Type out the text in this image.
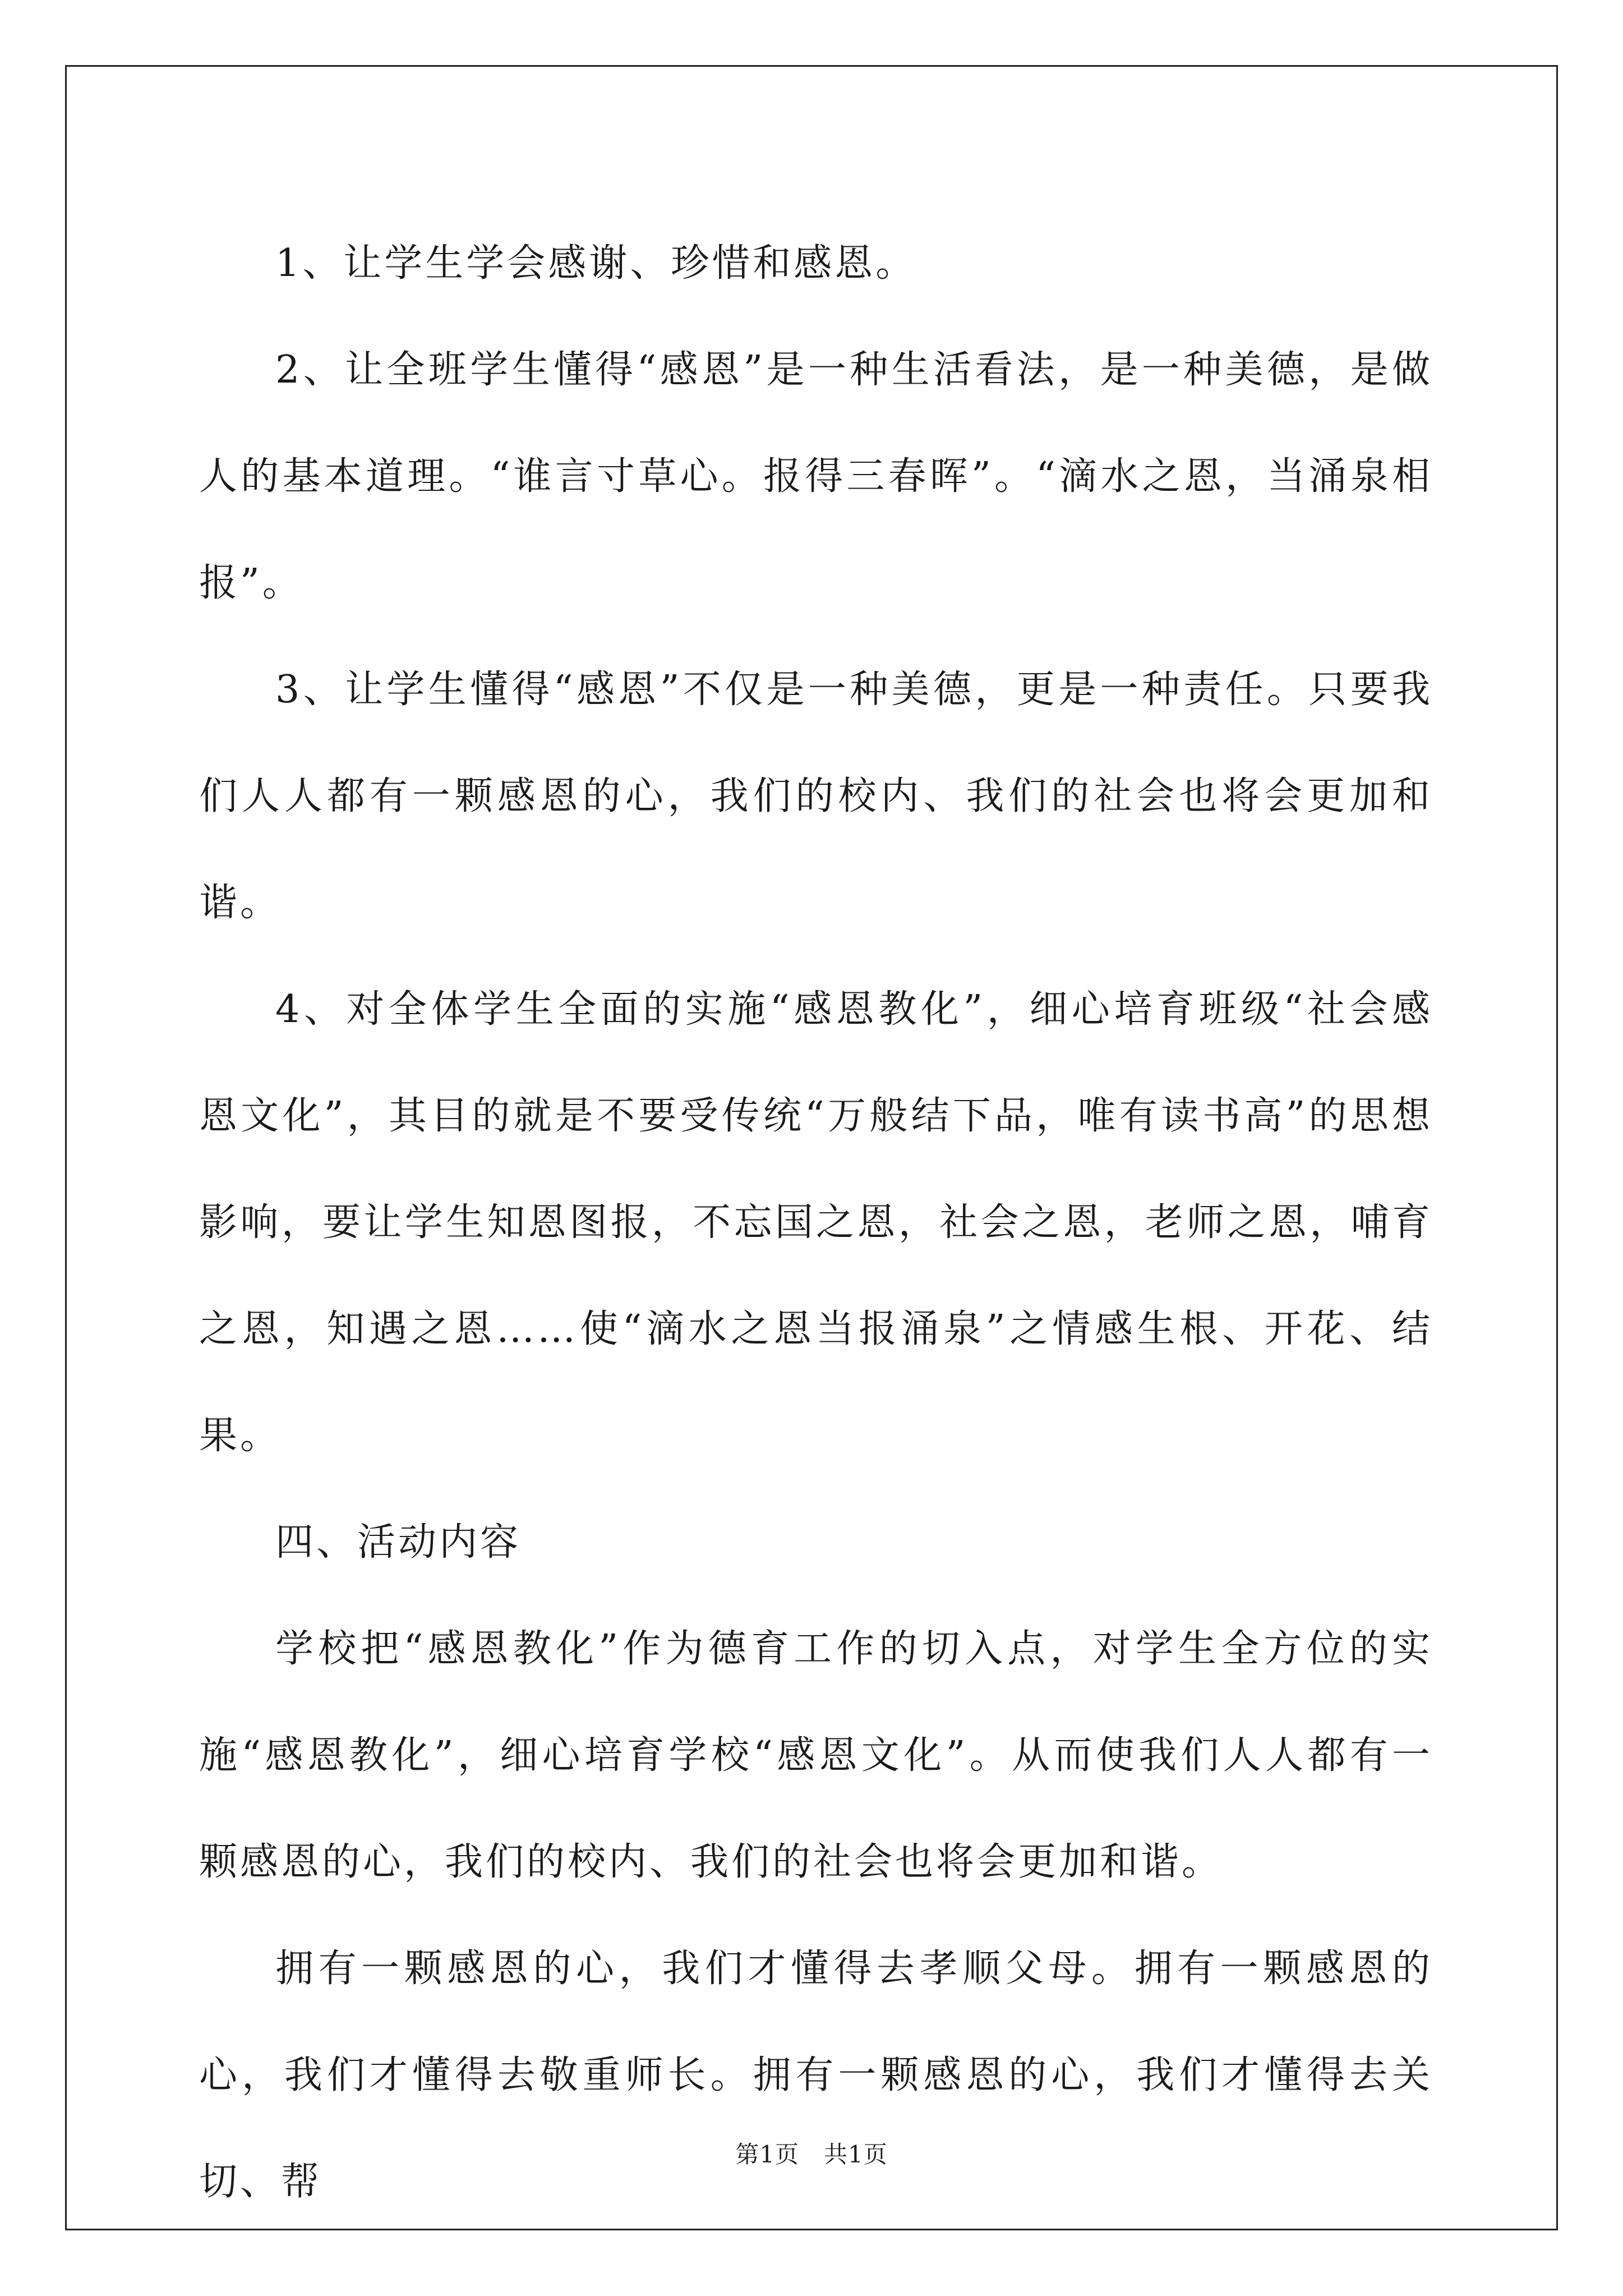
1、让学生学会感谢、珍惜和感恩。

2、让全班学生懂得“感恩”是一种生活看法，是一种美德，是做人的基本道理。“谁言寸草心。报得三春晖”。“滴水之恩，当涌泉相报”。

3、让学生懂得“感恩”不仅是一种美德，更是一种责任。只要我们人人都有一颗感恩的心，我们的校内、我们的社会也将会更加和谐。

4、对全体学生全面的实施“感恩教化”，细心培育班级“社会感恩文化”，其目的就是不要受传统“万般结下品，唯有读书高”的思想影响，要让学生知恩图报，不忘国之恩，社会之恩，老师之恩，哺育之恩，知遇之恩……使“滴水之恩当报涌泉”之情感生根、开花、结果。

四、活动内容

学校把“感恩教化”作为德育工作的切入点，对学生全方位的实施“感恩教化”，细心培育学校“感恩文化”。从而使我们人人都有一颗感恩的心，我们的校内、我们的社会也将会更加和谐。

拥有一颗感恩的心，我们才懂得去孝顺父母。拥有一颗感恩的心，我们才懂得去敬重师长。拥有一颗感恩的心，我们才懂得去关切、帮

第1页 共1页
